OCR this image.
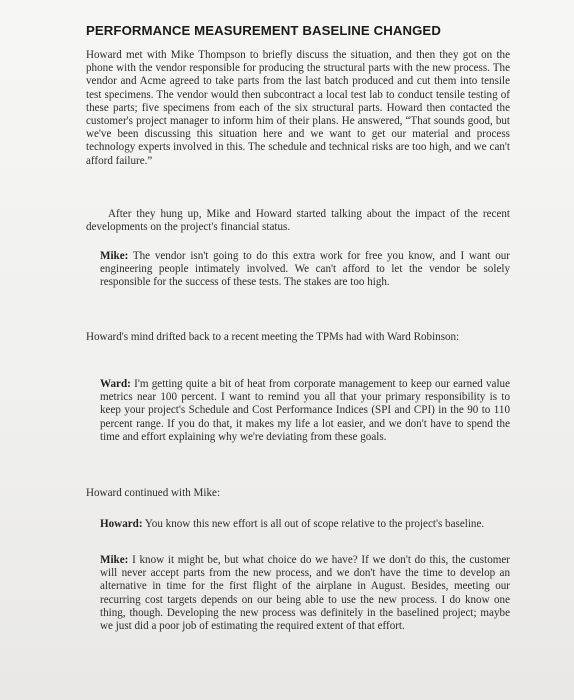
PERFORMANCE MEASUREMENT BASELINE CHANGED

Howard met with Mike Thompson to briefly discuss the situation, and then they got on the phone with the vendor responsible for producing the structural parts with the new process. The vendor and Acme agreed to take parts from the last batch produced and cut them into tensile test specimens. The vendor would then subcontract a local test lab to conduct tensile testing of these parts; five specimens from each of the six structural parts. Howard then contacted the customer's project manager to inform him of their plans. He answered, “That sounds good, but we've been discussing this situation here and we want to get our material and process technology experts involved in this. The schedule and technical risks are too high, and we can't afford failure.”

After they hung up, Mike and Howard started talking about the impact of the recent developments on the project's financial status.

Mike: The vendor isn't going to do this extra work for free you know, and I want our engineering people intimately involved. We can't afford to let the vendor be solely responsible for the success of these tests. The stakes are too high.

Howard's mind drifted back to a recent meeting the TPMs had with Ward Robinson:

Ward: I'm getting quite a bit of heat from corporate management to keep our earned value metrics near 100 percent. I want to remind you all that your primary responsibility is to keep your project's Schedule and Cost Performance Indices (SPI and CPI) in the 90 to 110 percent range. If you do that, it makes my life a lot easier, and we don't have to spend the time and effort explaining why we're deviating from these goals.

Howard continued with Mike:

Howard: You know this new effort is all out of scope relative to the project's baseline.

Mike: I know it might be, but what choice do we have? If we don't do this, the customer will never accept parts from the new process, and we don't have the time to develop an alternative in time for the first flight of the airplane in August. Besides, meeting our recurring cost targets depends on our being able to use the new process. I do know one thing, though. Developing the new process was definitely in the baselined project; maybe we just did a poor job of estimating the required extent of that effort.
